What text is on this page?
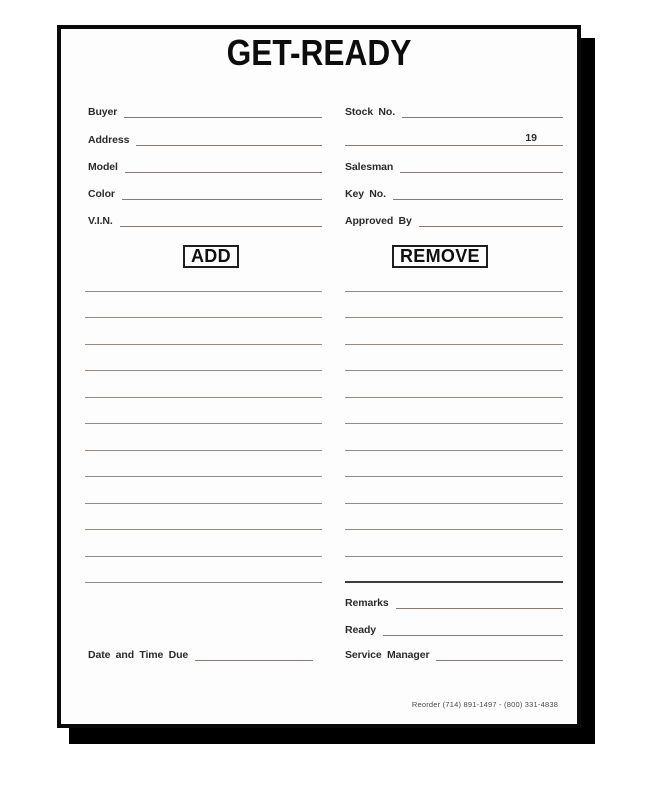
GET-READY
Buyer
Address
Model
Color
V.I.N.
Stock No.
19
Salesman
Key No.
Approved By
ADD	REMOVE
Remarks
Ready
Service Manager
Date and Time Due
Reorder (714) 891-1497 - (800) 331-4838
